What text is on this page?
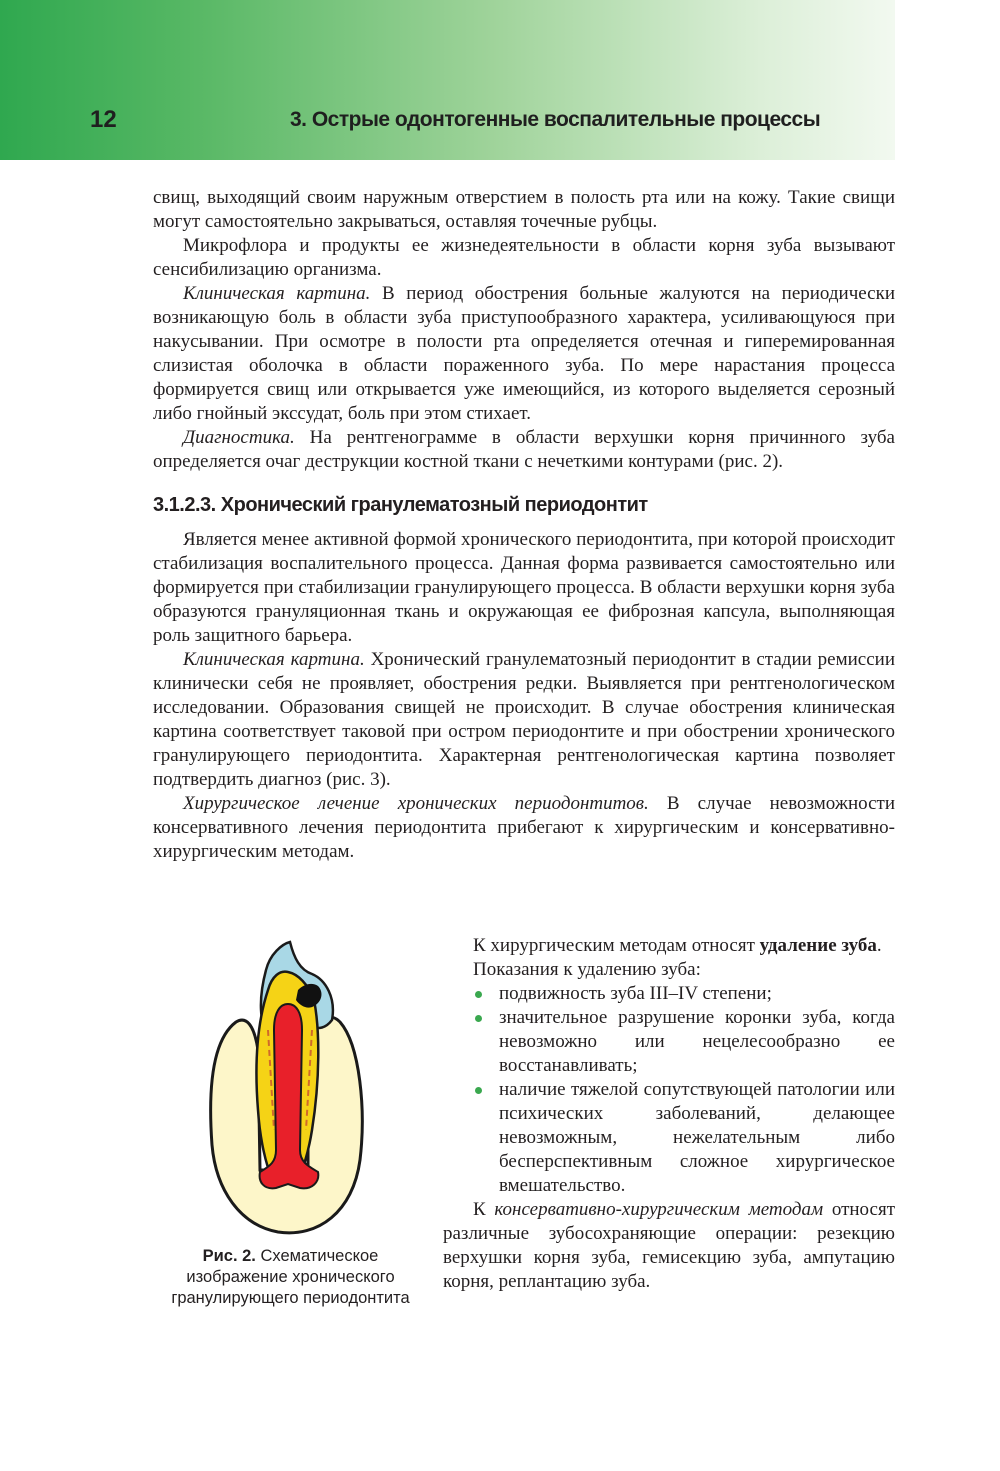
12	3. Острые одонтогенные воспалительные процессы

свищ, выходящий своим наружным отверстием в полость рта или на кожу. Такие свищи могут самостоятельно закрываться, оставляя точечные рубцы.

Микрофлора и продукты ее жизнедеятельности в области корня зуба вызывают сенсибилизацию организма.

Клиническая картина. В период обострения больные жалуются на периодически возникающую боль в области зуба приступообразного характера, усиливающуюся при накусывании. При осмотре в полости рта определяется отечная и гиперемированная слизистая оболочка в области пораженного зуба. По мере нарастания процесса формируется свищ или открывается уже имеющийся, из которого выделяется серозный либо гнойный экссудат, боль при этом стихает.

Диагностика. На рентгенограмме в области верхушки корня причинного зуба определяется очаг деструкции костной ткани с нечеткими контурами (рис. 2).

3.1.2.3. Хронический гранулематозный периодонтит

Является менее активной формой хронического периодонтита, при которой происходит стабилизация воспалительного процесса. Данная форма развивается самостоятельно или формируется при стабилизации гранулирующего процесса. В области верхушки корня зуба образуются грануляционная ткань и окружающая ее фиброзная капсула, выполняющая роль защитного барьера.

Клиническая картина. Хронический гранулематозный периодонтит в стадии ремиссии клинически себя не проявляет, обострения редки. Выявляется при рентгенологическом исследовании. Образования свищей не происходит. В случае обострения клиническая картина соответствует таковой при остром периодонтите и при обострении хронического гранулирующего периодонтита. Характерная рентгенологическая картина позволяет подтвердить диагноз (рис. 3).

Хирургическое лечение хронических периодонтитов. В случае невозможности консервативного лечения периодонтита прибегают к хирургическим и консервативно-хирургическим методам.

Рис. 2. Схематическое изображение хронического гранулирующего периодонтита

К хирургическим методам относят удаление зуба.

Показания к удалению зуба:

подвижность зуба III–IV степени;
значительное разрушение коронки зуба, когда невозможно или нецелесообразно ее восстанавливать;
наличие тяжелой сопутствующей патологии или психических заболеваний, делающее невозможным, нежелательным либо бесперспективным сложное хирургическое вмешательство.

К консервативно-хирургическим методам относят различные зубосохраняющие операции: резекцию верхушки корня зуба, гемисекцию зуба, ампутацию корня, реплантацию зуба.
